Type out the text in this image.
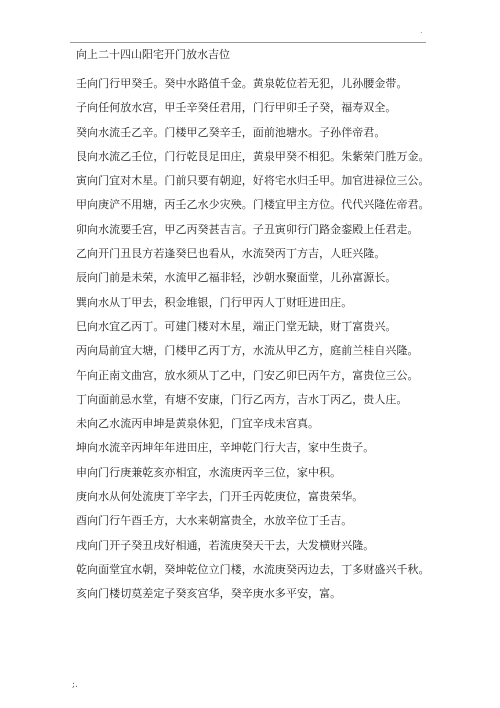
.
向上二十四山阳宅开门放水吉位
壬向门行甲癸壬。癸中水路值千金。黄泉乾位若无犯，儿孙腰金带。
子向任何放水宫，甲壬辛癸任君用，门行甲卯壬子癸，福寿双全。
癸向水流壬乙辛。门楼甲乙癸辛壬，面前池塘水。子孙伴帝君。
艮向水流乙壬位，门行乾艮足田庄，黄泉甲癸不相犯。朱紫荣门胜万金。
寅向门宜对木星。门前只要有朝迎，好将宅水归壬甲。加官进禄位三公。
甲向庚浐不用塘，丙壬乙水少灾殃。门楼宜甲主方位。代代兴隆佐帝君。
卯向水流要壬宫，甲乙丙癸甚吉言。子丑寅卯行门路金銮殿上任君走。
乙向开门丑艮方若逢癸巳也看从，水流癸丙丁方吉，人旺兴隆。
辰向门前是未荣，水流甲乙福非轻，沙朝水聚面堂，儿孙富源长。
巽向水从丁甲去，积金堆银，门行甲丙人丁财旺进田庄。
巳向水宜乙丙丁。可建门楼对木星，端正门堂无缺，财丁富贵兴。
丙向局前宜大塘，门楼甲乙丙丁方，水流从甲乙方，庭前兰桂自兴隆。
午向正南文曲宫，放水须从丁乙中，门安乙卯巳丙午方，富贵位三公。
丁向面前忌水堂，有塘不安康，门行乙丙方，吉水丁丙乙，贵人庄。
未向乙水流丙申坤是黄泉休犯，门宜辛戌未宫真。
坤向水流辛丙坤年年进田庄，辛坤乾门行大吉，家中生贵子。
申向门行庚兼乾亥亦相宜，水流庚丙辛三位，家中积。
庚向水从何处流庚丁辛字去，门开壬丙乾庚位，富贵荣华。
酉向门行午酉壬方，大水来朝富贵全，水放辛位丁壬吉。
戌向门开子癸丑戌好相通，若流庚癸天干去，大发横财兴隆。
乾向面堂宜水朝，癸坤乾位立门楼，水流庚癸丙边去，丁多财盛兴千秋。
亥向门楼切莫差定子癸亥宫华，癸辛庚水多平安，富。
;.
